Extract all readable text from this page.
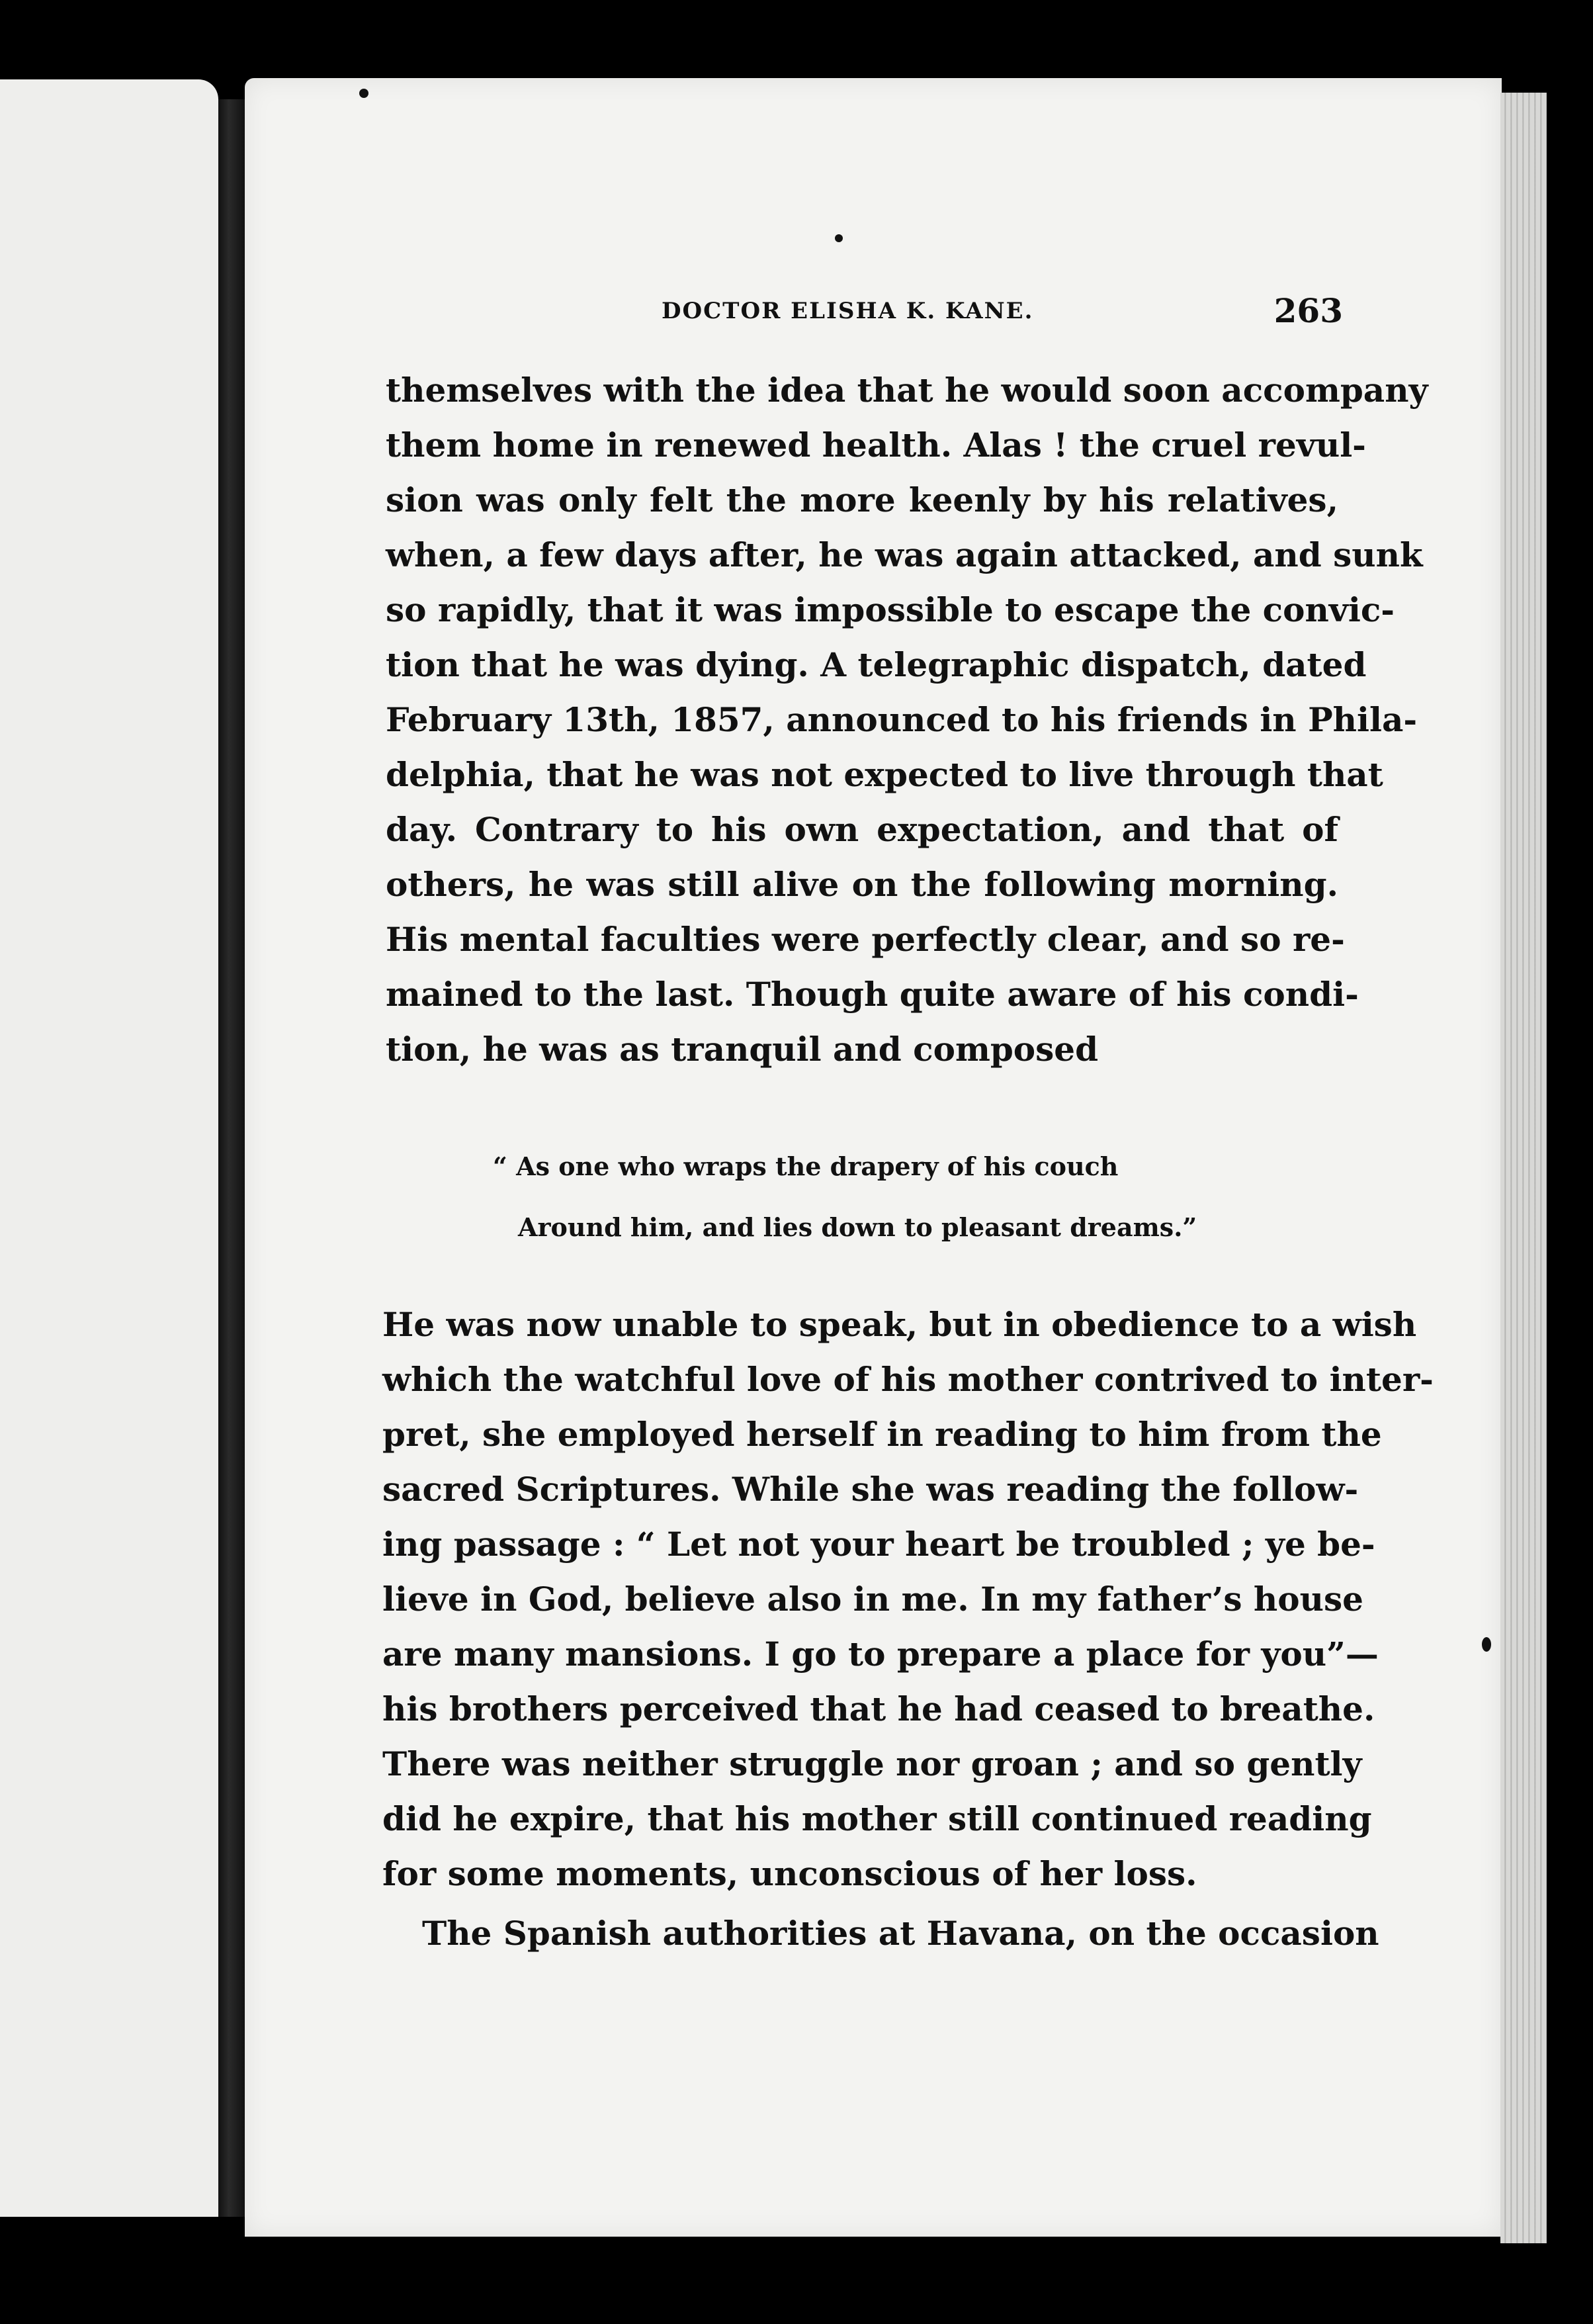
DOCTOR ELISHA K. KANE.	263
themselves with the idea that he would soon accompany
them home in renewed health. Alas ! the cruel revul-
sion was only felt the more keenly by his relatives,
when, a few days after, he was again attacked, and sunk
so rapidly, that it was impossible to escape the convic-
tion that he was dying. A telegraphic dispatch, dated
February 13th, 1857, announced to his friends in Phila-
delphia, that he was not expected to live through that
day. Contrary to his own expectation, and that of
others, he was still alive on the following morning.
His mental faculties were perfectly clear, and so re-
mained to the last. Though quite aware of his condi-
tion, he was as tranquil and composed
“ As one who wraps the drapery of his couch
Around him, and lies down to pleasant dreams.”
He was now unable to speak, but in obedience to a wish
which the watchful love of his mother contrived to inter-
pret, she employed herself in reading to him from the
sacred Scriptures. While she was reading the follow-
ing passage : “ Let not your heart be troubled ; ye be-
lieve in God, believe also in me. In my father’s house
are many mansions. I go to prepare a place for you”—
his brothers perceived that he had ceased to breathe.
There was neither struggle nor groan ; and so gently
did he expire, that his mother still continued reading
for some moments, unconscious of her loss.
The Spanish authorities at Havana, on the occasion
